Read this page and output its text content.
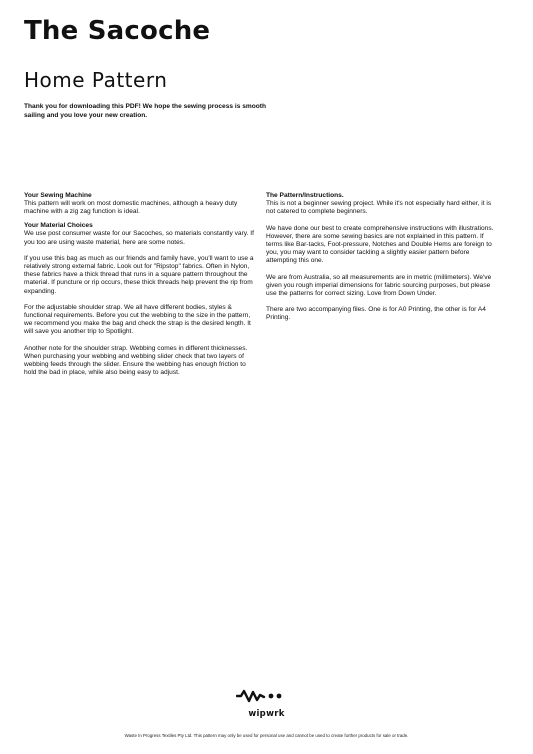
The Sacoche
Home Pattern

Thank you for downloading this PDF! We hope the sewing process is smooth sailing and you love your new creation.

Your Sewing Machine

This pattern will work on most domestic machines, although a heavy duty machine with a zig zag function is ideal.

Your Material Choices

We use post consumer waste for our Sacoches, so materials constantly vary. If you too are using waste material, here are some notes.

If you use this bag as much as our friends and family have, you'll want to use a relatively strong external fabric. Look out for "Ripstop" fabrics. Often in Nylon, these fabrics have a thick thread that runs in a square pattern throughout the material. If puncture or rip occurs, these thick threads help prevent the rip from expanding.

For the adjustable shoulder strap. We all have different bodies, styles & functional requirements. Before you cut the webbing to the size in the pattern, we recommend you make the bag and check the strap is the desired length. It will save you another trip to Spotlight.

Another note for the shoulder strap. Webbing comes in different thicknesses. When purchasing your webbing and webbing slider check that two layers of webbing feeds through the slider. Ensure the webbing has enough friction to hold the bad in place, while also being easy to adjust.

The Pattern/Instructions.

This is not a beginner sewing project. While it's not especially hard either, it is not catered to complete beginners.

We have done our best to create comprehensive instructions with illustrations. However, there are some sewing basics are not explained in this pattern. If terms like Bar-tacks, Foot-pressure, Notches and Double Hems are foreign to you, you may want to consider tackling a slightly easier pattern before attempting this one.

We are from Australia, so all measurements are in metric (millimeters). We've given you rough imperial dimensions for fabric sourcing purposes, but please use the patterns for correct sizing. Love from Down Under.

There are two accompanying files. One is for A0 Printing, the other is for A4 Printing.

wipwrk
Waste In Progress Textiles Pty Ltd. This pattern may only be used for personal use and cannot be used to create further products for sale or trade.
